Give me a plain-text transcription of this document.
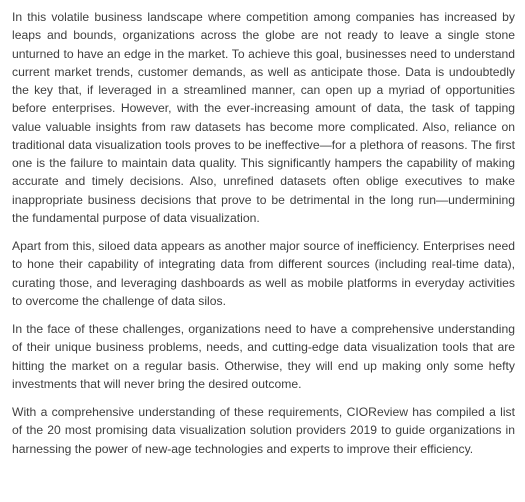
In this volatile business landscape where competition among companies has increased by leaps and bounds, organizations across the globe are not ready to leave a single stone unturned to have an edge in the market. To achieve this goal, businesses need to understand current market trends, customer demands, as well as anticipate those. Data is undoubtedly the key that, if leveraged in a streamlined manner, can open up a myriad of opportunities before enterprises. However, with the ever-increasing amount of data, the task of tapping value valuable insights from raw datasets has become more complicated. Also, reliance on traditional data visualization tools proves to be ineffective—for a plethora of reasons. The first one is the failure to maintain data quality. This significantly hampers the capability of making accurate and timely decisions. Also, unrefined datasets often oblige executives to make inappropriate business decisions that prove to be detrimental in the long run—undermining the fundamental purpose of data visualization.

Apart from this, siloed data appears as another major source of inefficiency. Enterprises need to hone their capability of integrating data from different sources (including real-time data), curating those, and leveraging dashboards as well as mobile platforms in everyday activities to overcome the challenge of data silos.

In the face of these challenges, organizations need to have a comprehensive understanding of their unique business problems, needs, and cutting-edge data visualization tools that are hitting the market on a regular basis. Otherwise, they will end up making only some hefty investments that will never bring the desired outcome.

With a comprehensive understanding of these requirements, CIOReview has compiled a list of the 20 most promising data visualization solution providers 2019 to guide organizations in harnessing the power of new-age technologies and experts to improve their efficiency.
